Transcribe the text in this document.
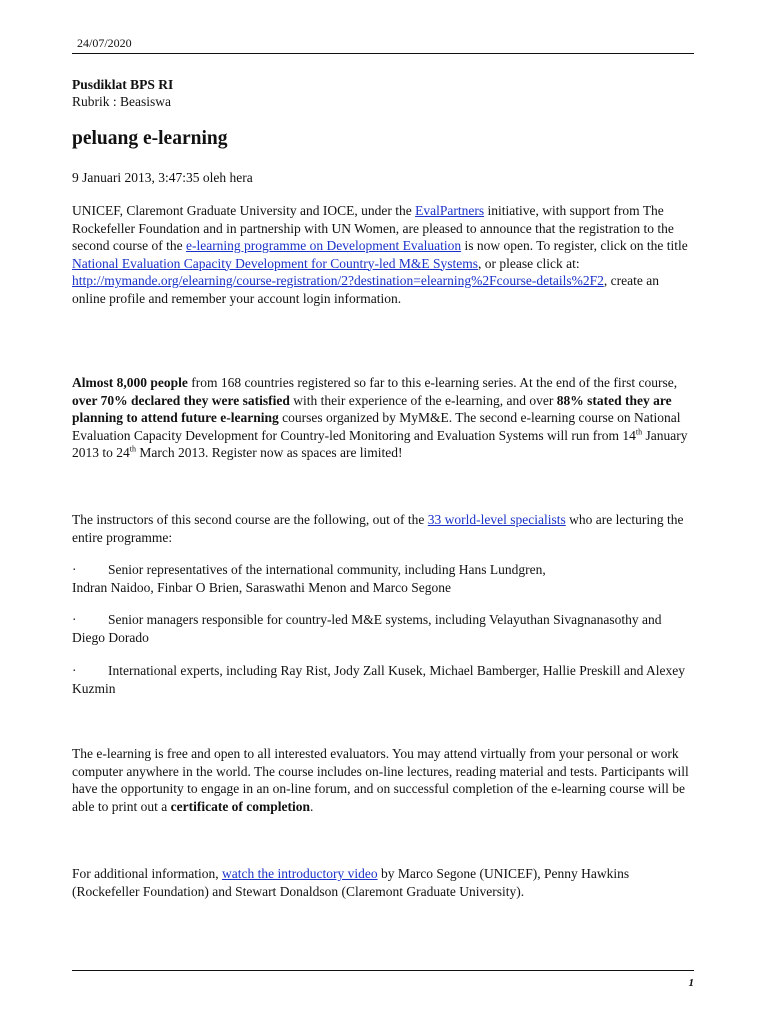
24/07/2020
Pusdiklat BPS RI
Rubrik : Beasiswa
peluang e-learning
9 Januari 2013, 3:47:35 oleh hera

UNICEF, Claremont Graduate University and IOCE, under the EvalPartners initiative, with support from The Rockefeller Foundation and in partnership with UN Women, are pleased to announce that the registration to the second course of the e-learning programme on Development Evaluation is now open. To register, click on the title National Evaluation Capacity Development for Country-led M&E Systems, or please click at:
http://mymande.org/elearning/course-registration/2?destination=elearning%2Fcourse-details%2F2, create an online profile and remember your account login information.

Almost 8,000 people from 168 countries registered so far to this e-learning series. At the end of the first course, over 70% declared they were satisfied with their experience of the e-learning, and over 88% stated they are planning to attend future e-learning courses organized by MyM&E. The second e-learning course on National Evaluation Capacity Development for Country-led Monitoring and Evaluation Systems will run from 14th January 2013 to 24th March 2013. Register now as spaces are limited!

The instructors of this second course are the following, out of the 33 world-level specialists who are lecturing the entire programme:

· Senior representatives of the international community, including Hans Lundgren,
Indran Naidoo, Finbar O Brien, Saraswathi Menon and Marco Segone

· Senior managers responsible for country-led M&E systems, including Velayuthan Sivagnanasothy and Diego Dorado

· International experts, including Ray Rist, Jody Zall Kusek, Michael Bamberger, Hallie Preskill and Alexey Kuzmin

The e-learning is free and open to all interested evaluators. You may attend virtually from your personal or work computer anywhere in the world. The course includes on-line lectures, reading material and tests. Participants will have the opportunity to engage in an on-line forum, and on successful completion of the e-learning course will be able to print out a certificate of completion.

For additional information, watch the introductory video by Marco Segone (UNICEF), Penny Hawkins (Rockefeller Foundation) and Stewart Donaldson (Claremont Graduate University).

1
